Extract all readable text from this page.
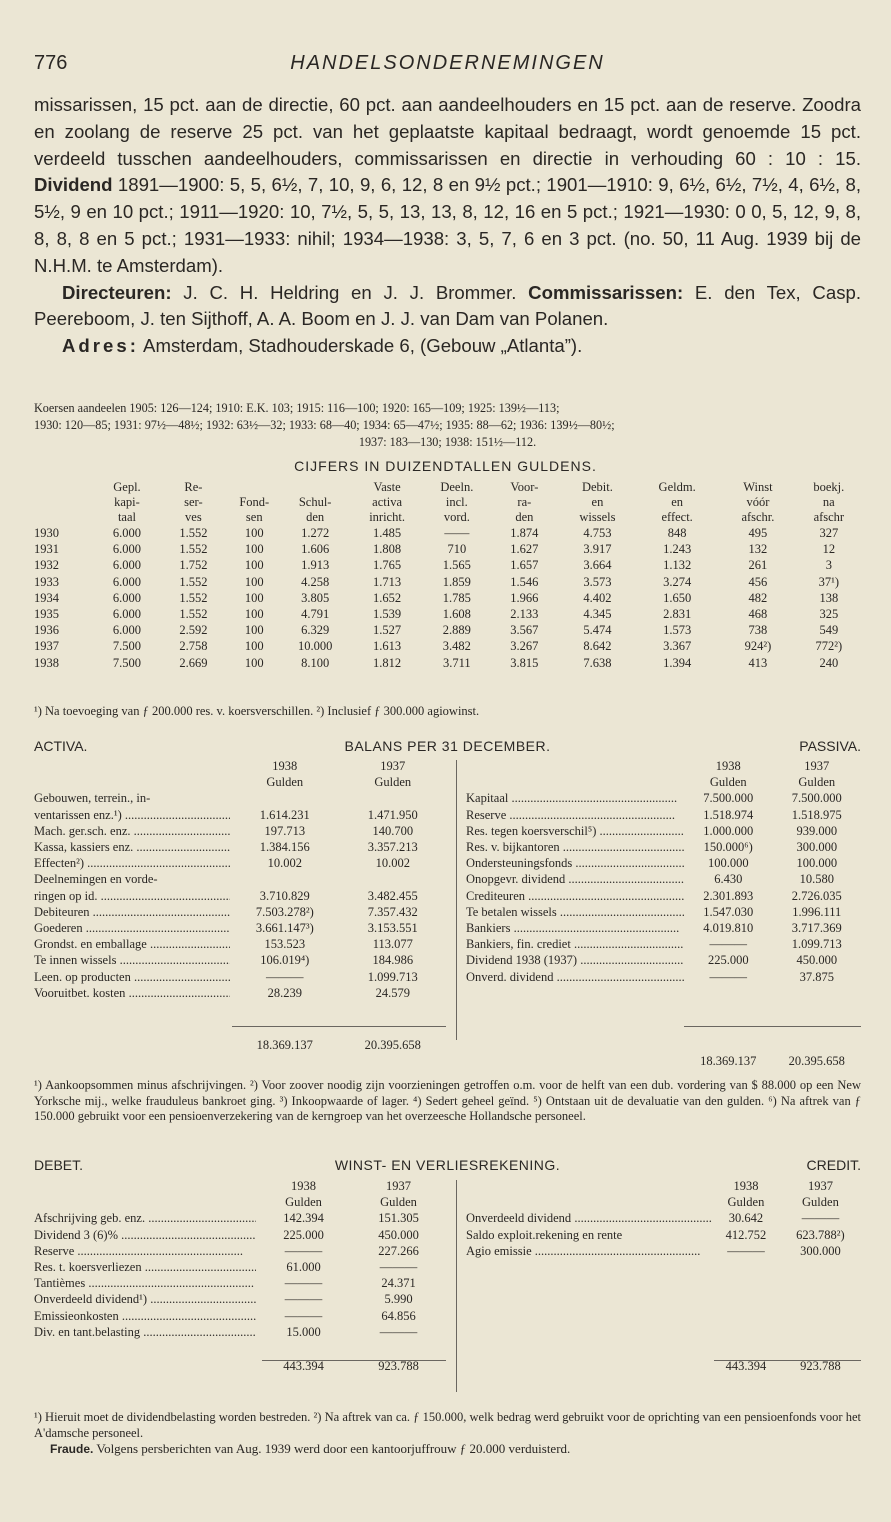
776	HANDELSONDERNEMINGEN

missarissen, 15 pct. aan de directie, 60 pct. aan aandeelhouders en 15 pct. aan de reserve. Zoodra en zoolang de reserve 25 pct. van het geplaatste kapitaal bedraagt, wordt genoemde 15 pct. verdeeld tusschen aandeelhouders, commissarissen en directie in verhouding 60 : 10 : 15. Dividend 1891—1900: 5, 5, 6½, 7, 10, 9, 6, 12, 8 en 9½ pct.; 1901—1910: 9, 6½, 6½, 7½, 4, 6½, 8, 5½, 9 en 10 pct.; 1911—1920: 10, 7½, 5, 5, 13, 13, 8, 12, 16 en 5 pct.; 1921—1930: 0 0, 5, 12, 9, 8, 8, 8, 8 en 5 pct.; 1931—1933: nihil; 1934—1938: 3, 5, 7, 6 en 3 pct. (no. 50, 11 Aug. 1939 bij de N.H.M. te Amsterdam).

Directeuren: J. C. H. Heldring en J. J. Brommer. Commissarissen: E. den Tex, Casp. Peereboom, J. ten Sijthoff, A. A. Boom en J. J. van Dam van Polanen.

Adres: Amsterdam, Stadhouderskade 6, (Gebouw „Atlanta”).

Koersen aandeelen 1905: 126—124; 1910: E.K. 103; 1915: 116—100; 1920: 165—109; 1925: 139½—113;
1930: 120—85; 1931: 97½—48½; 1932: 63½—32; 1933: 68—40; 1934: 65—47½; 1935: 88—62; 1936: 139½—80½;
1937: 183—130; 1938: 151½—112.
CIJFERS IN DUIZENDTALLEN GULDENS.
	Gepl.	Re-			Vaste	Deeln.	Voor-	Debit.	Geldm.	Winst	boekj.
	kapi-	ser-	Fond-	Schul-	activa	incl.	ra-	en	en	vóór	na
	taal	ves	sen	den	inricht.	vord.	den	wissels	effect.	afschr.	afschr
1930	6.000	1.552	100	1.272	1.485	——	1.874	4.753	848	495	327
1931	6.000	1.552	100	1.606	1.808	710	1.627	3.917	1.243	132	12
1932	6.000	1.752	100	1.913	1.765	1.565	1.657	3.664	1.132	261	3
1933	6.000	1.552	100	4.258	1.713	1.859	1.546	3.573	3.274	456	37¹)
1934	6.000	1.552	100	3.805	1.652	1.785	1.966	4.402	1.650	482	138
1935	6.000	1.552	100	4.791	1.539	1.608	2.133	4.345	2.831	468	325
1936	6.000	2.592	100	6.329	1.527	2.889	3.567	5.474	1.573	738	549
1937	7.500	2.758	100	10.000	1.613	3.482	3.267	8.642	3.367	924²)	772²)
1938	7.500	2.669	100	8.100	1.812	3.711	3.815	7.638	1.394	413	240
¹) Na toevoeging van ƒ 200.000 res. v. koersverschillen. ²) Inclusief ƒ 300.000 agiowinst.
ACTIVA.	BALANS PER 31 DECEMBER.	PASSIVA.
	1938	1937
	Gulden	Gulden

Gebouwen, terrein., in-		

ventarissen enz.¹) .....	1.614.231	1.471.950

Mach. ger.sch. enz. .....	197.713	140.700

Kassa, kassiers enz. .....	1.384.156	3.357.213

Effecten²) .....	10.002	10.002

Deelnemingen en vorde-		

ringen op id. .....	3.710.829	3.482.455

Debiteuren .....	7.503.278²)	7.357.432

Goederen .....	3.661.147³)	3.153.551

Grondst. en emballage .....	153.523	113.077

Te innen wissels .....	106.019⁴)	184.986

Leen. op producten .....	———	1.099.713

Vooruitbet. kosten .....	28.239	24.579

	18.369.137	20.395.658
	1938	1937
	Gulden	Gulden

Kapitaal .....	7.500.000	7.500.000

Reserve .....	1.518.974	1.518.975

Res. tegen koersverschil⁵) .....	1.000.000	939.000

Res. v. bijkantoren .....	150.000⁶)	300.000

Ondersteuningsfonds .....	100.000	100.000

Onopgevr. dividend .....	6.430	10.580

Crediteuren .....	2.301.893	2.726.035

Te betalen wissels .....	1.547.030	1.996.111

Bankiers .....	4.019.810	3.717.369

Bankiers, fin. crediet .....	———	1.099.713

Dividend 1938 (1937) .....	225.000	450.000

Onverd. dividend .....	———	37.875

	18.369.137	20.395.658
¹) Aankoopsommen minus afschrijvingen. ²) Voor zoover noodig zijn voorzieningen getroffen o.m. voor de helft van een dub. vordering van $ 88.000 op een New Yorksche mij., welke frauduleus bankroet ging. ³) Inkoopwaarde of lager. ⁴) Sedert geheel geïnd. ⁵) Ontstaan uit de devaluatie van den gulden. ⁶) Na aftrek van ƒ 150.000 gebruikt voor een pensioenverzekering van de kerngroep van het overzeesche Hollandsche personeel.
DEBET.	WINST- EN VERLIESREKENING.	CREDIT.
	1938	1937
	Gulden	Gulden

Afschrijving geb. enz. .....	142.394	151.305

Dividend 3 (6)% .....	225.000	450.000

Reserve .....	———	227.266

Res. t. koersverliezen .....	61.000	———

Tantièmes .....	———	24.371

Onverdeeld dividend¹) .....	———	5.990

Emissieonkosten .....	———	64.856

Div. en tant.belasting .....	15.000	———

	443.394	923.788
	1938	1937
	Gulden	Gulden

Onverdeeld dividend .....	30.642	———

Saldo exploit.rekening en rente	412.752	623.788²)

Agio emissie .....	———	300.000

	443.394	923.788
¹) Hieruit moet de dividendbelasting worden bestreden. ²) Na aftrek van ca. ƒ 150.000, welk bedrag werd gebruikt voor de oprichting van een pensioenfonds voor het A'damsche personeel.
Fraude. Volgens persberichten van Aug. 1939 werd door een kantoorjuffrouw ƒ 20.000 verduisterd.
